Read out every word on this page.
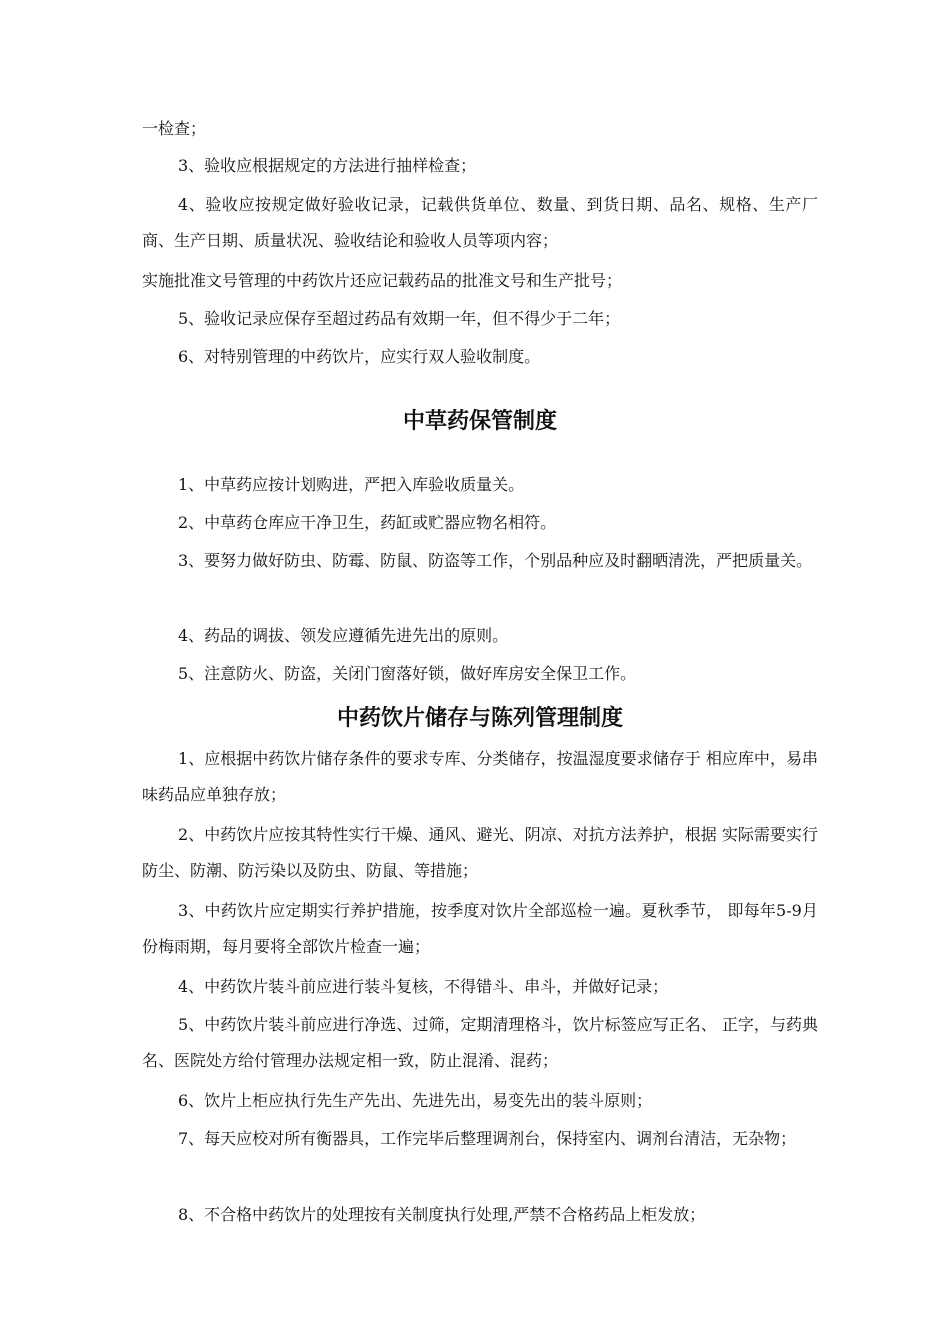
一检查；

3、验收应根据规定的方法进行抽样检查；

4、验收应按规定做好验收记录，记载供货单位、数量、到货日期、品名、规格、生产厂商、生产日期、质量状况、验收结论和验收人员等项内容；

实施批准文号管理的中药饮片还应记载药品的批准文号和生产批号；

5、验收记录应保存至超过药品有效期一年，但不得少于二年；

6、对特别管理的中药饮片，应实行双人验收制度。

中草药保管制度

1、中草药应按计划购进，严把入库验收质量关。

2、中草药仓库应干净卫生，药缸或贮器应物名相符。

3、要努力做好防虫、防霉、防鼠、防盗等工作，个别品种应及时翻晒清洗，严把质量关。

4、药品的调拔、领发应遵循先进先出的原则。

5、注意防火、防盗，关闭门窗落好锁，做好库房安全保卫工作。

中药饮片储存与陈列管理制度

1、应根据中药饮片储存条件的要求专库、分类储存，按温湿度要求储存于 相应库中，易串味药品应单独存放；

2、中药饮片应按其特性实行干燥、通风、避光、阴凉、对抗方法养护，根据 实际需要实行防尘、防潮、防污染以及防虫、防鼠、等措施；

3、中药饮片应定期实行养护措施，按季度对饮片全部巡检一遍。夏秋季节， 即每年5-9月份梅雨期，每月要将全部饮片检查一遍；

4、中药饮片装斗前应进行装斗复核，不得错斗、串斗，并做好记录；

5、中药饮片装斗前应进行净选、过筛，定期清理格斗，饮片标签应写正名、 正字，与药典名、医院处方给付管理办法规定相一致，防止混淆、混药；

6、饮片上柜应执行先生产先出、先进先出，易变先出的装斗原则；

7、每天应校对所有衡器具，工作完毕后整理调剂台，保持室内、调剂台清洁，无杂物；

8、不合格中药饮片的处理按有关制度执行处理,严禁不合格药品上柜发放；
